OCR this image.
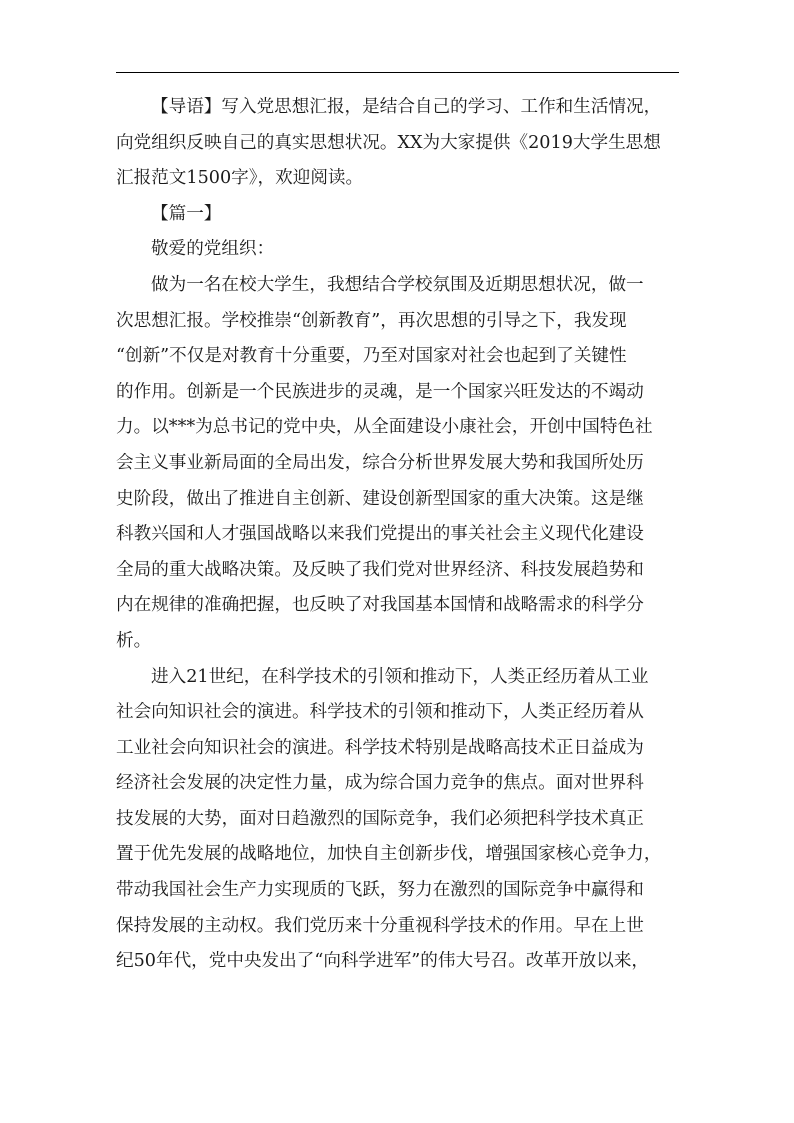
【导语】写入党思想汇报，是结合自己的学习、工作和生活情况，
向党组织反映自己的真实思想状况。XX为大家提供《2019大学生思想
汇报范文1500字》，欢迎阅读。
【篇一】
敬爱的党组织：
做为一名在校大学生，我想结合学校氛围及近期思想状况，做一
次思想汇报。学校推崇“创新教育”，再次思想的引导之下，我发现
“创新”不仅是对教育十分重要，乃至对国家对社会也起到了关键性
的作用。创新是一个民族进步的灵魂，是一个国家兴旺发达的不竭动
力。以***为总书记的党中央，从全面建设小康社会，开创中国特色社
会主义事业新局面的全局出发，综合分析世界发展大势和我国所处历
史阶段，做出了推进自主创新、建设创新型国家的重大决策。这是继
科教兴国和人才强国战略以来我们党提出的事关社会主义现代化建设
全局的重大战略决策。及反映了我们党对世界经济、科技发展趋势和
内在规律的准确把握，也反映了对我国基本国情和战略需求的科学分
析。
进入21世纪，在科学技术的引领和推动下，人类正经历着从工业
社会向知识社会的演进。科学技术的引领和推动下，人类正经历着从
工业社会向知识社会的演进。科学技术特别是战略高技术正日益成为
经济社会发展的决定性力量，成为综合国力竞争的焦点。面对世界科
技发展的大势，面对日趋激烈的国际竞争，我们必须把科学技术真正
置于优先发展的战略地位，加快自主创新步伐，增强国家核心竞争力，
带动我国社会生产力实现质的飞跃，努力在激烈的国际竞争中赢得和
保持发展的主动权。我们党历来十分重视科学技术的作用。早在上世
纪50年代，党中央发出了“向科学进军”的伟大号召。改革开放以来，
